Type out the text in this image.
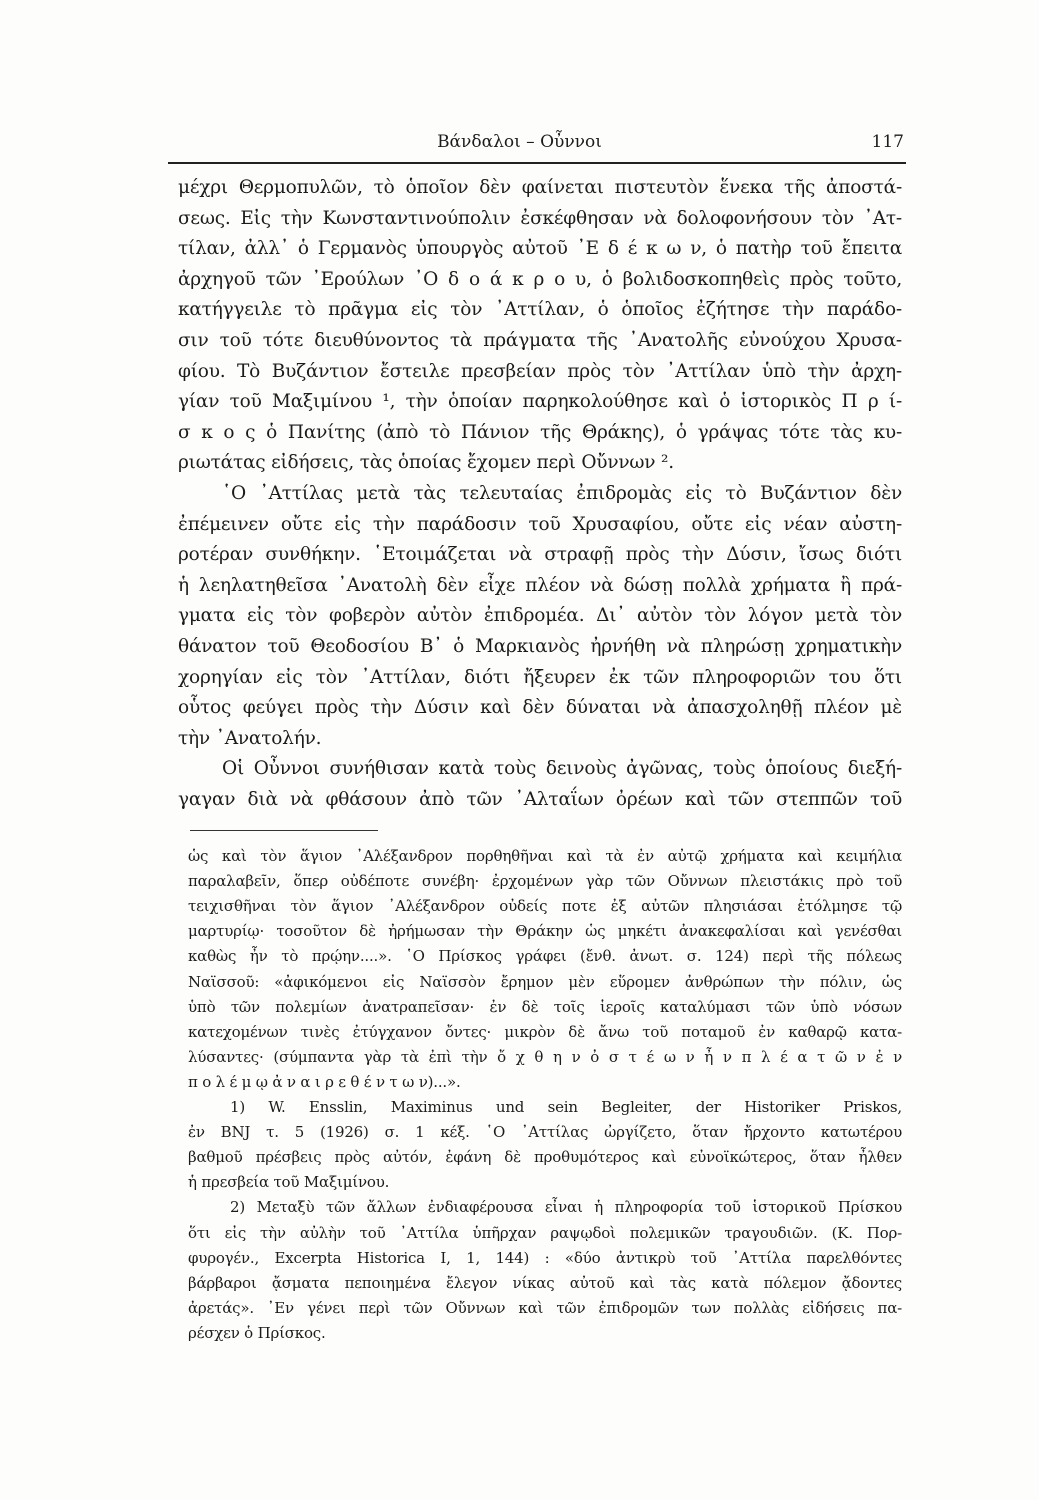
Βάνδαλοι – Οὖννοι	117
μέχρι Θερμοπυλῶν, τὸ ὁποῖον δὲν φαίνεται πιστευτὸν ἕνεκα τῆς ἀποστά-
σεως. Εἰς τὴν Κωνσταντινούπολιν ἐσκέφθησαν νὰ δολοφονήσουν τὸν ᾽Ατ-
τίλαν, ἀλλ᾽ ὁ Γερμανὸς ὑπουργὸς αὐτοῦ ᾽Ε δ έ κ ω ν, ὁ πατὴρ τοῦ ἔπειτα
ἀρχηγοῦ τῶν ᾽Ερούλων ᾽Ο δ ο ά κ ρ ο υ, ὁ βολιδοσκοπηθεὶς πρὸς τοῦτο,
κατήγγειλε τὸ πρᾶγμα εἰς τὸν ᾽Αττίλαν, ὁ ὁποῖος ἐζήτησε τὴν παράδο-
σιν τοῦ τότε διευθύνοντος τὰ πράγματα τῆς ᾽Ανατολῆς εὐνούχου Χρυσα-
φίου. Τὸ Βυζάντιον ἔστειλε πρεσβείαν πρὸς τὸν ᾽Αττίλαν ὑπὸ τὴν ἀρχη-
γίαν τοῦ Μαξιμίνου ¹, τὴν ὁποίαν παρηκολούθησε καὶ ὁ ἱστορικὸς Π ρ ί-
σ κ ο ς ὁ Πανίτης (ἀπὸ τὸ Πάνιον τῆς Θράκης), ὁ γράψας τότε τὰς κυ-
ριωτάτας εἰδήσεις, τὰς ὁποίας ἔχομεν περὶ Οὔννων ².
῾Ο ᾽Αττίλας μετὰ τὰς τελευταίας ἐπιδρομὰς εἰς τὸ Βυζάντιον δὲν
ἐπέμεινεν οὔτε εἰς τὴν παράδοσιν τοῦ Χρυσαφίου, οὔτε εἰς νέαν αὐστη-
ροτέραν συνθήκην. ῾Ετοιμάζεται νὰ στραφῇ πρὸς τὴν Δύσιν, ἴσως διότι
ἡ λεηλατηθεῖσα ᾽Ανατολὴ δὲν εἶχε πλέον νὰ δώσῃ πολλὰ χρήματα ἢ πρά-
γματα εἰς τὸν φοβερὸν αὐτὸν ἐπιδρομέα. Δι᾽ αὐτὸν τὸν λόγον μετὰ τὸν
θάνατον τοῦ Θεοδοσίου Β᾽ ὁ Μαρκιανὸς ἠρνήθη νὰ πληρώσῃ χρηματικὴν
χορηγίαν εἰς τὸν ᾽Αττίλαν, διότι ἤξευρεν ἐκ τῶν πληροφοριῶν του ὅτι
οὗτος φεύγει πρὸς τὴν Δύσιν καὶ δὲν δύναται νὰ ἀπασχοληθῇ πλέον μὲ
τὴν ᾽Ανατολήν.
Οἱ Οὖννοι συνήθισαν κατὰ τοὺς δεινοὺς ἀγῶνας, τοὺς ὁποίους διεξή-
γαγαν διὰ νὰ φθάσουν ἀπὸ τῶν ᾽Αλταΐων ὀρέων καὶ τῶν στεππῶν τοῦ
ὡς καὶ τὸν ἅγιον ᾽Αλέξανδρον πορθηθῆναι καὶ τὰ ἐν αὐτῷ χρήματα καὶ κειμήλια
παραλαβεῖν, ὅπερ οὐδέποτε συνέβη· ἐρχομένων γὰρ τῶν Οὔννων πλειστάκις πρὸ τοῦ
τειχισθῆναι τὸν ἅγιον ᾽Αλέξανδρον οὐδείς ποτε ἐξ αὐτῶν πλησιάσαι ἐτόλμησε τῷ
μαρτυρίῳ· τοσοῦτον δὲ ἠρήμωσαν τὴν Θράκην ὡς μηκέτι ἀνακεφαλίσαι καὶ γενέσθαι
καθὼς ἦν τὸ πρῴην....». ῾Ο Πρίσκος γράφει (ἔνθ. ἀνωτ. σ. 124) περὶ τῆς πόλεως
Ναϊσσοῦ: «ἀφικόμενοι εἰς Ναϊσσὸν ἔρημον μὲν εὕρομεν ἀνθρώπων τὴν πόλιν, ὡς
ὑπὸ τῶν πολεμίων ἀνατραπεῖσαν· ἐν δὲ τοῖς ἱεροῖς καταλύμασι τῶν ὑπὸ νόσων
κατεχομένων τινὲς ἐτύγχανον ὄντες· μικρὸν δὲ ἄνω τοῦ ποταμοῦ ἐν καθαρῷ κατα-
λύσαντες· (σύμπαντα γὰρ τὰ ἐπὶ τὴν ὄ χ θ η ν ὀ σ τ έ ω ν ἦ ν π λ έ α τ ῶ ν ἐ ν
π ο λ έ μ ῳ ἀ ν α ι ρ ε θ έ ν τ ω ν)...».
1) W. Ensslin, Maximinus und sein Begleiter, der Historiker Priskos,
ἐν BNJ τ. 5 (1926) σ. 1 κέξ. ῾Ο ᾽Αττίλας ὠργίζετο, ὅταν ἤρχοντο κατωτέρου
βαθμοῦ πρέσβεις πρὸς αὐτόν, ἐφάνη δὲ προθυμότερος καὶ εὐνοϊκώτερος, ὅταν ἦλθεν
ἡ πρεσβεία τοῦ Μαξιμίνου.
2) Μεταξὺ τῶν ἄλλων ἐνδιαφέρουσα εἶναι ἡ πληροφορία τοῦ ἱστορικοῦ Πρίσκου
ὅτι εἰς τὴν αὐλὴν τοῦ ᾽Αττίλα ὑπῆρχαν ραψῳδοὶ πολεμικῶν τραγουδιῶν. (Κ. Πορ-
φυρογέν., Excerpta Historica I, 1, 144) : «δύο ἀντικρὺ τοῦ ᾽Αττίλα παρελθόντες
βάρβαροι ᾄσματα πεποιημένα ἔλεγον νίκας αὐτοῦ καὶ τὰς κατὰ πόλεμον ᾄδοντες
ἀρετάς». ᾽Εν γένει περὶ τῶν Οὔννων καὶ τῶν ἐπιδρομῶν των πολλὰς εἰδήσεις πα-
ρέσχεν ὁ Πρίσκος.
